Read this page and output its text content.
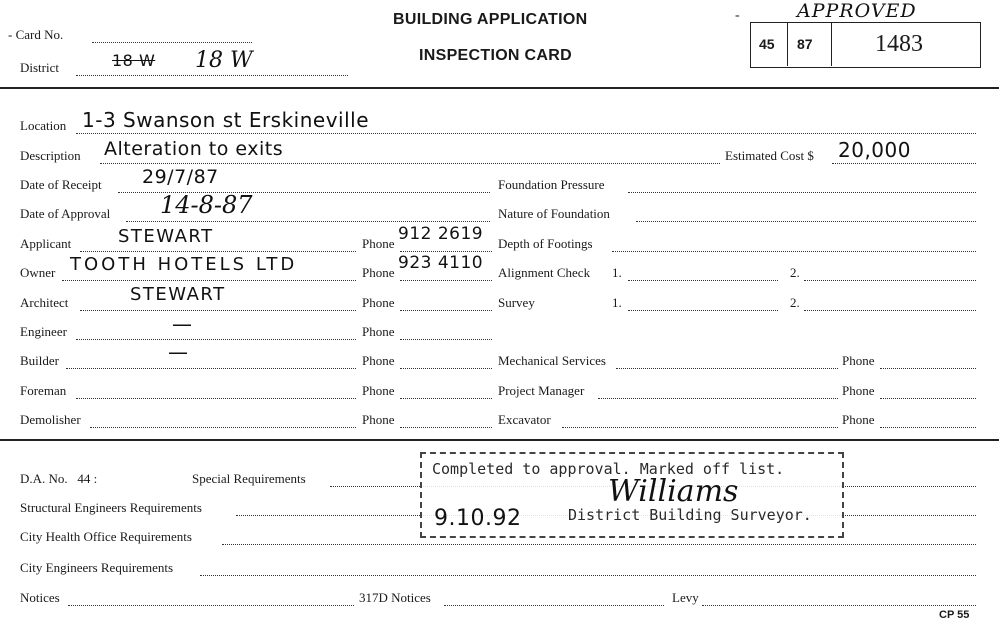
- Card No.
District	18 W 18 W
BUILDING APPLICATION
INSPECTION CARD
APPROVED
-
45 87	1483
Location 1-3 Swanson st Erskineville
Description Alteration to exits	Estimated Cost $ 20,000
Date of Receipt 29/7/87	Foundation Pressure
Date of Approval 14-8-87	Nature of Foundation
Applicant	STEWART	Phone 912 2619 Depth of Footings
Owner TOOTH HOTELS LTD	Phone 923 4110 Alignment Check 1.	2.
Architect	STEWART	Phone	Survey	1.	2.
Engineer	—	Phone
Builder	—	Phone	Mechanical Services	Phone
Foreman	Phone	Project Manager	Phone
Demolisher	Phone	Excavator	Phone
D.A. No. 44 :	Special Requirements
Structural Engineers Requirements
City Health Office Requirements
City Engineers Requirements
Notices	317D Notices	Levy
Completed to approval. Marked off list.
9.10.92
Williams
District Building Surveyor.
CP 55
